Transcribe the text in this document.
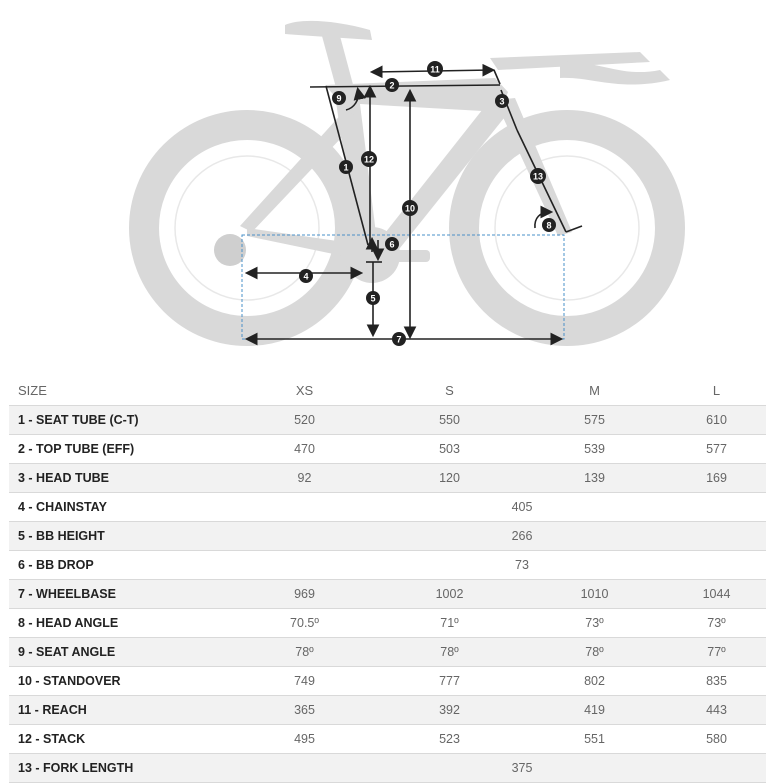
1
2
3
4
5
6
7
8
9
10
11
12
13
SIZE	XS	S	M	L
1 - SEAT TUBE (C-T)	520	550	575	610
2 - TOP TUBE (EFF)	470	503	539	577
3 - HEAD TUBE	92	120	139	169
4 - CHAINSTAY		405		
5 - BB HEIGHT		266		
6 - BB DROP		73		
7 - WHEELBASE	969	1002	1010	1044
8 - HEAD ANGLE	70.5º	71º	73º	73º
9 - SEAT ANGLE	78º	78º	78º	77º
10 - STANDOVER	749	777	802	835
11 - REACH	365	392	419	443
12 - STACK	495	523	551	580
13 - FORK LENGTH		375		
